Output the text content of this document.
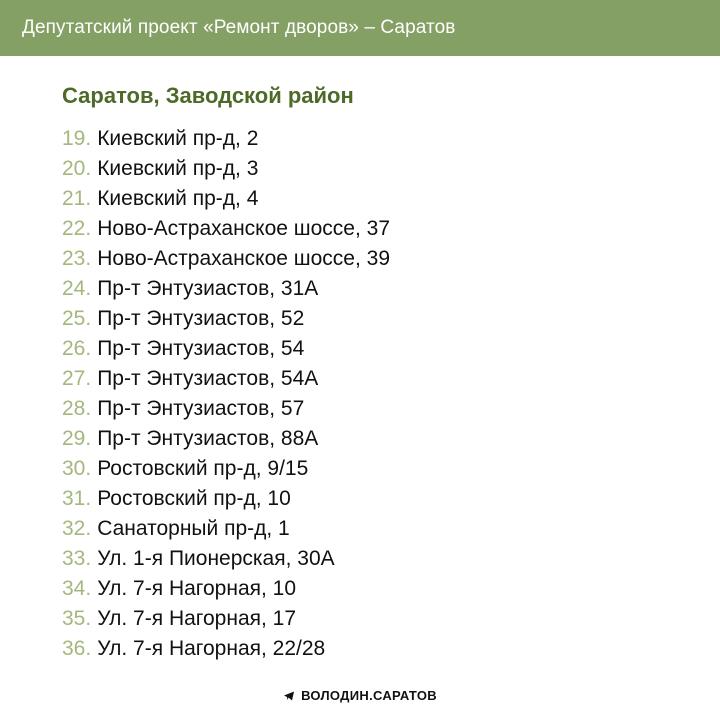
Депутатский проект «Ремонт дворов» – Саратов
Саратов, Заводской район
19. Киевский пр-д, 2
20. Киевский пр-д, 3
21. Киевский пр-д, 4
22. Ново-Астраханское шоссе, 37
23. Ново-Астраханское шоссе, 39
24. Пр-т Энтузиастов, 31А
25. Пр-т Энтузиастов, 52
26. Пр-т Энтузиастов, 54
27. Пр-т Энтузиастов, 54А
28. Пр-т Энтузиастов, 57
29. Пр-т Энтузиастов, 88А
30. Ростовский пр-д, 9/15
31. Ростовский пр-д, 10
32. Санаторный пр-д, 1
33. Ул. 1-я Пионерская, 30А
34. Ул. 7-я Нагорная, 10
35. Ул. 7-я Нагорная, 17
36. Ул. 7-я Нагорная, 22/28
ВОЛОДИН.САРАТОВ
